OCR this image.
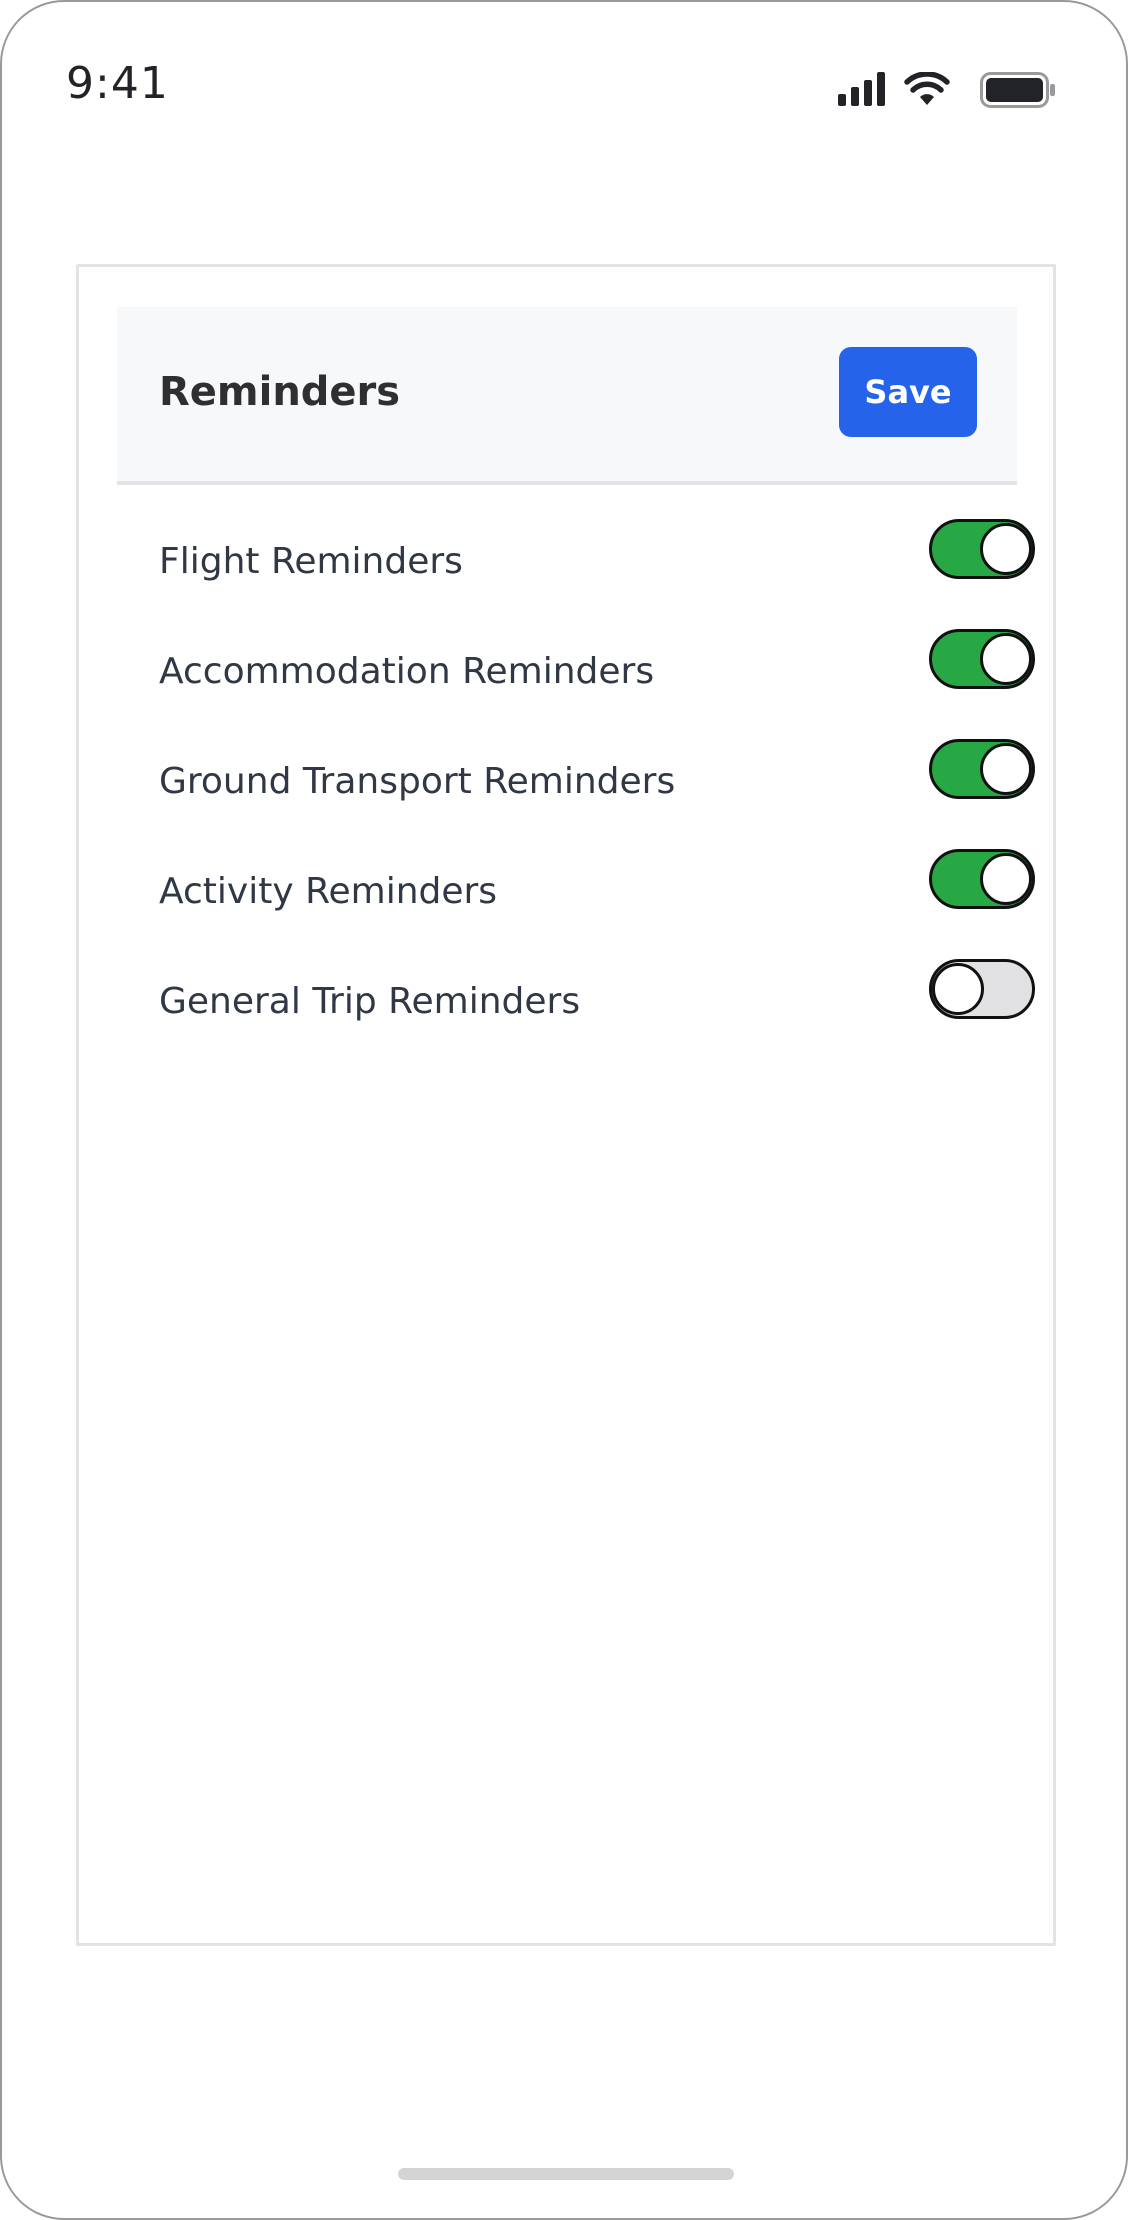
9:41
Reminders	Save
Flight Reminders
Accommodation Reminders
Ground Transport Reminders
Activity Reminders
General Trip Reminders
